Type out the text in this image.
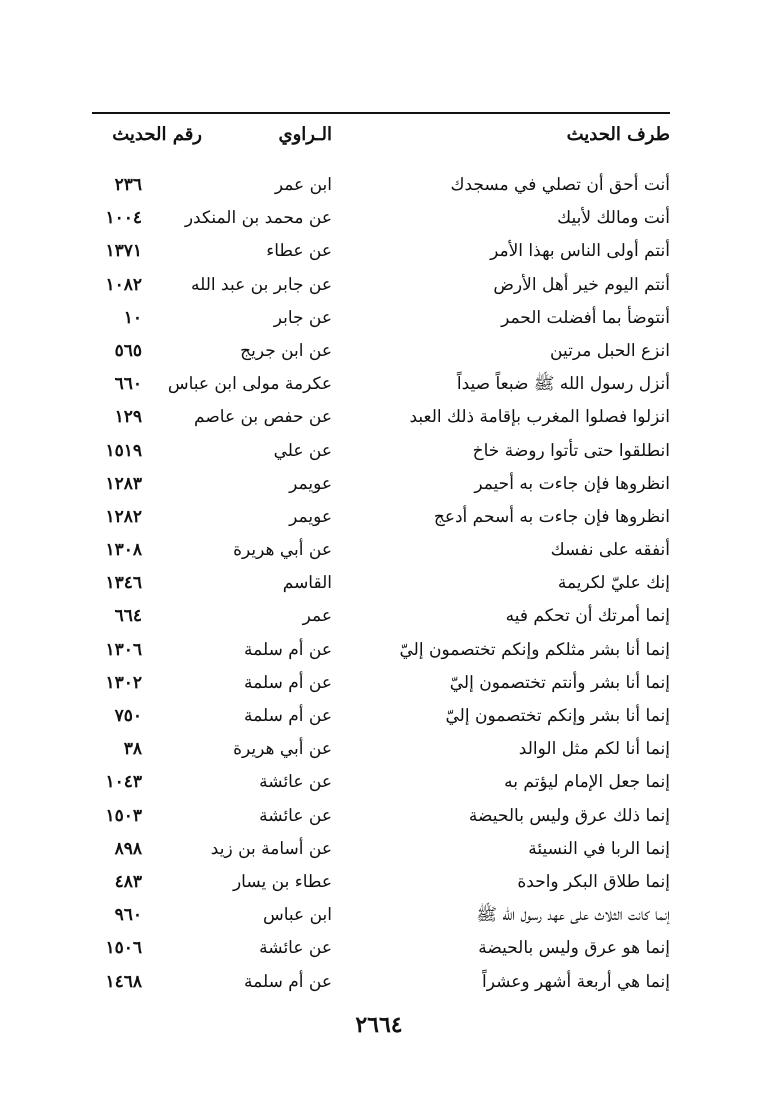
طرف الحديث
الـراوي
رقم الحديث
أنت أحق أن تصلي في مسجدك
ابن عمر
٢٣٦
أنت ومالك لأبيك
عن محمد بن المنكدر
١٠٠٤
أنتم أولى الناس بهذا الأمر
عن عطاء
١٣٧١
أنتم اليوم خير أهل الأرض
عن جابر بن عبد الله
١٠٨٢
أنتوضأ بما أفضلت الحمر
عن جابر
١٠
انزع الحبل مرتين
عن ابن جريج
٥٦٥
أنزل رسول الله ﷺ ضبعاً صيداً
عكرمة مولى ابن عباس
٦٦٠
انزلوا فصلوا المغرب بإقامة ذلك العبد
عن حفص بن عاصم
١٢٩
انطلقوا حتى تأتوا روضة خاخ
عن علي
١٥١٩
انظروها فإن جاءت به أحيمر
عويمر
١٢٨٣
انظروها فإن جاءت به أسحم أدعج
عويمر
١٢٨٢
أنفقه على نفسك
عن أبي هريرة
١٣٠٨
إنك عليّ لكريمة
القاسم
١٣٤٦
إنما أمرتك أن تحكم فيه
عمر
٦٦٤
إنما أنا بشر مثلكم وإنكم تختصمون إليّ
عن أم سلمة
١٣٠٦
إنما أنا بشر وأنتم تختصمون إليّ
عن أم سلمة
١٣٠٢
إنما أنا بشر وإنكم تختصمون إليّ
عن أم سلمة
٧٥٠
إنما أنا لكم مثل الوالد
عن أبي هريرة
٣٨
إنما جعل الإمام ليؤتم به
عن عائشة
١٠٤٣
إنما ذلك عرق وليس بالحيضة
عن عائشة
١٥٠٣
إنما الربا في النسيئة
عن أسامة بن زيد
٨٩٨
إنما طلاق البكر واحدة
عطاء بن يسار
٤٨٣
إنما كانت الثلاث على عهد رسول الله ﷺ
ابن عباس
٩٦٠
إنما هو عرق وليس بالحيضة
عن عائشة
١٥٠٦
إنما هي أربعة أشهر وعشراً
عن أم سلمة
١٤٦٨
٢٦٦٤
